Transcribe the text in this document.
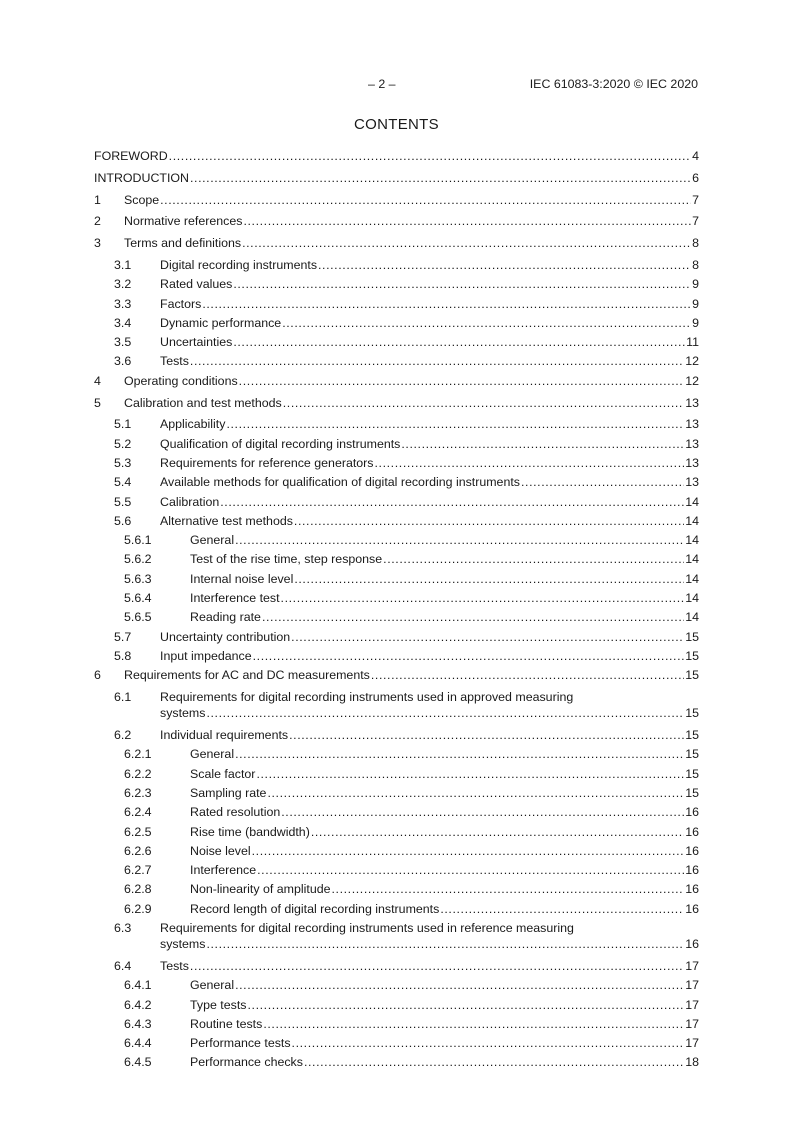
– 2 –	IEC 61083-3:2020 © IEC 2020
CONTENTS
FOREWORD .....	4
INTRODUCTION .....	6
1 Scope .....	7
2 Normative references .....	7
3 Terms and definitions .....	8
3.1 Digital recording instruments .....	8
3.2 Rated values .....	9
3.3 Factors .....	9
3.4 Dynamic performance .....	9
3.5 Uncertainties .....	11
3.6 Tests .....	12
4 Operating conditions .....	12
5 Calibration and test methods .....	13
5.1 Applicability .....	13
5.2 Qualification of digital recording instruments .....	13
5.3 Requirements for reference generators .....	13
5.4 Available methods for qualification of digital recording instruments .....	13
5.5 Calibration .....	14
5.6 Alternative test methods .....	14
5.6.1	General .....	14
5.6.2	Test of the rise time, step response .....	14
5.6.3	Internal noise level .....	14
5.6.4	Interference test .....	14
5.6.5	Reading rate .....	14
5.7 Uncertainty contribution .....	15
5.8 Input impedance .....	15
6 Requirements for AC and DC measurements .....	15
6.1 Requirements for digital recording instruments used in approved measuring
systems .....	15
6.2 Individual requirements .....	15
6.2.1	General .....	15
6.2.2	Scale factor .....	15
6.2.3	Sampling rate .....	15
6.2.4	Rated resolution .....	16
6.2.5	Rise time (bandwidth) .....	16
6.2.6	Noise level .....	16
6.2.7	Interference .....	16
6.2.8	Non-linearity of amplitude .....	16
6.2.9	Record length of digital recording instruments .....	16
6.3 Requirements for digital recording instruments used in reference measuring
systems .....	16
6.4 Tests .....	17
6.4.1	General .....	17
6.4.2	Type tests .....	17
6.4.3	Routine tests .....	17
6.4.4	Performance tests .....	17
6.4.5	Performance checks .....	18
